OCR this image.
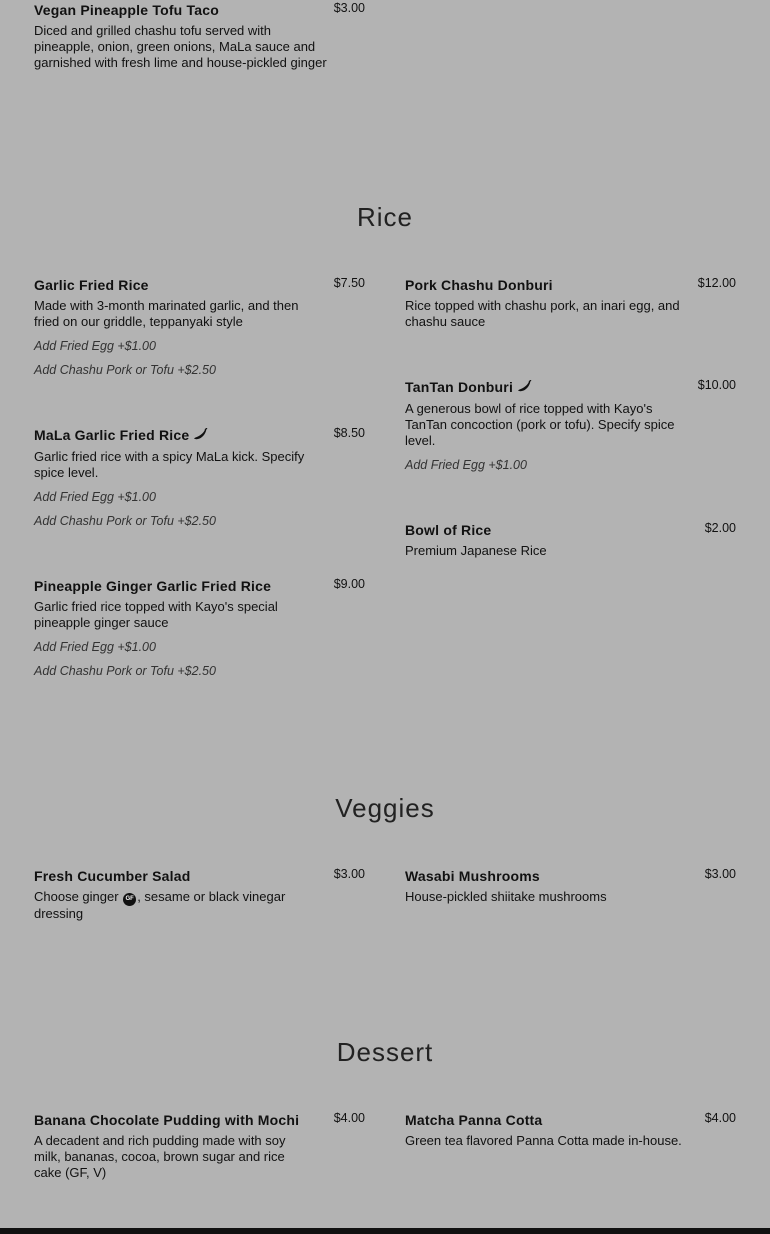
Vegan Pineapple Tofu Taco
Diced and grilled chashu tofu served with pineapple, onion, green onions, MaLa sauce and garnished with fresh lime and house-pickled ginger
$3.00
Rice
Garlic Fried Rice
Made with 3-month marinated garlic, and then fried on our griddle, teppanyaki style
Add Fried Egg +$1.00
Add Chashu Pork or Tofu +$2.50
$7.50
MaLa Garlic Fried Rice
Garlic fried rice with a spicy MaLa kick. Specify spice level.
Add Fried Egg +$1.00
Add Chashu Pork or Tofu +$2.50
$8.50
Pineapple Ginger Garlic Fried Rice
Garlic fried rice topped with Kayo's special pineapple ginger sauce
Add Fried Egg +$1.00
Add Chashu Pork or Tofu +$2.50
$9.00
Pork Chashu Donburi
Rice topped with chashu pork, an inari egg, and chashu sauce
$12.00
TanTan Donburi
A generous bowl of rice topped with Kayo's TanTan concoction (pork or tofu). Specify spice level.
Add Fried Egg +$1.00
$10.00
Bowl of Rice
Premium Japanese Rice
$2.00
Veggies
Fresh Cucumber Salad
Choose ginger GF , sesame or black vinegar dressing
$3.00	Wasabi Mushrooms
House-pickled shiitake mushrooms
$3.00
Dessert
Banana Chocolate Pudding with Mochi
A decadent and rich pudding made with soy milk, bananas, cocoa, brown sugar and rice cake (GF, V)
$4.00	Matcha Panna Cotta
Green tea flavored Panna Cotta made in-house.
$4.00
